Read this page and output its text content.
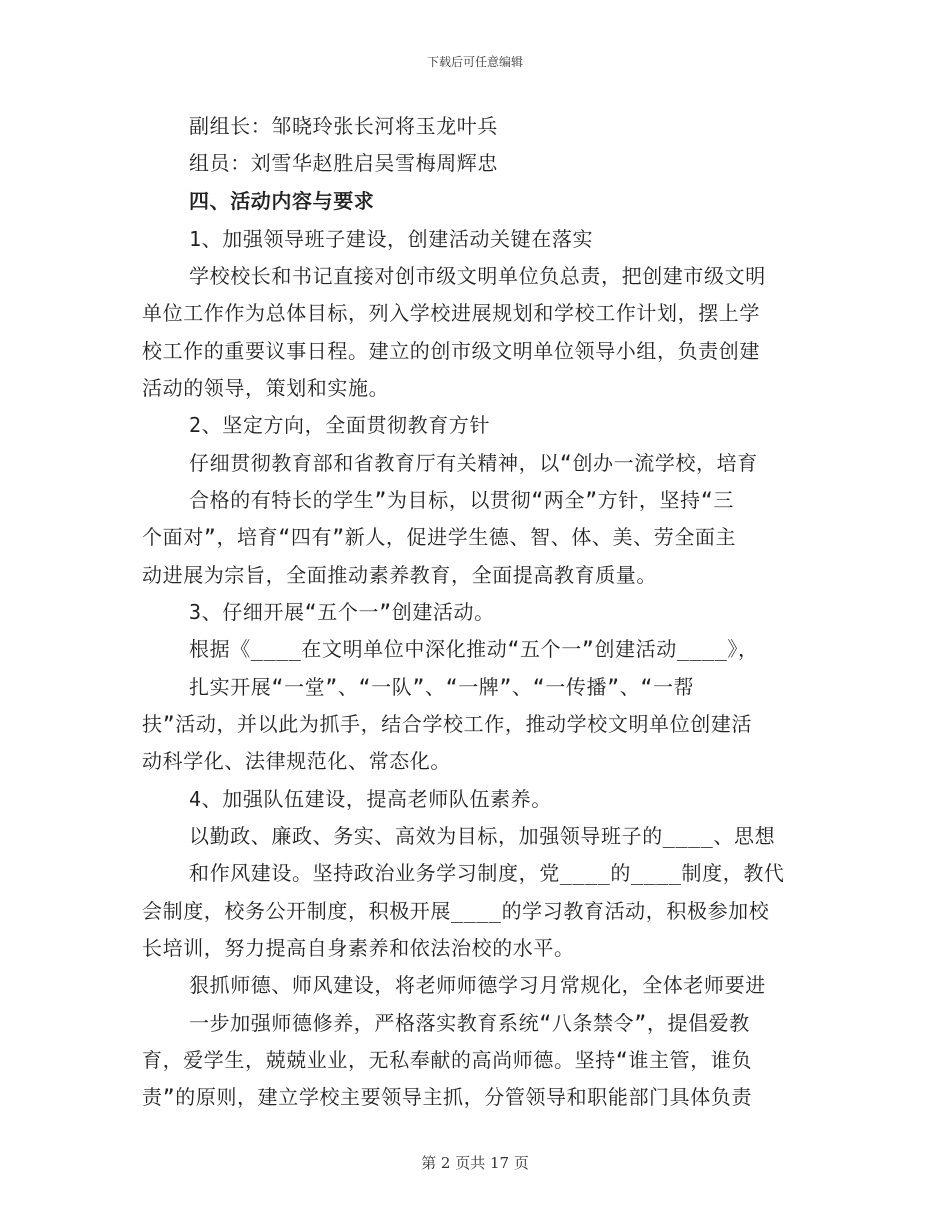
下载后可任意编辑
副组长：邹晓玲张长河将玉龙叶兵
组员：刘雪华赵胜启吴雪梅周辉忠
四、活动内容与要求
1、加强领导班子建设，创建活动关键在落实
学校校长和书记直接对创市级文明单位负总责，把创建市级文明
单位工作作为总体目标，列入学校进展规划和学校工作计划，摆上学
校工作的重要议事日程。建立的创市级文明单位领导小组，负责创建
活动的领导，策划和实施。
2、坚定方向，全面贯彻教育方针
仔细贯彻教育部和省教育厅有关精神，以“创办一流学校，培育
合格的有特长的学生”为目标，以贯彻“两全”方针，坚持“三
个面对”，培育“四有”新人，促进学生德、智、体、美、劳全面主
动进展为宗旨，全面推动素养教育，全面提高教育质量。
3、仔细开展“五个一”创建活动。
根据《____在文明单位中深化推动“五个一”创建活动____》，
扎实开展“一堂”、“一队”、“一牌”、“一传播”、“一帮
扶”活动，并以此为抓手，结合学校工作，推动学校文明单位创建活
动科学化、法律规范化、常态化。
4、加强队伍建设，提高老师队伍素养。
以勤政、廉政、务实、高效为目标，加强领导班子的____、思想
和作风建设。坚持政治业务学习制度，党____的____制度，教代
会制度，校务公开制度，积极开展____的学习教育活动，积极参加校
长培训，努力提高自身素养和依法治校的水平。
狠抓师德、师风建设，将老师师德学习月常规化，全体老师要进
一步加强师德修养，严格落实教育系统“八条禁令”，提倡爱教
育，爱学生，兢兢业业，无私奉献的高尚师德。坚持“谁主管，谁负
责”的原则，建立学校主要领导主抓，分管领导和职能部门具体负责
第 2 页共 17 页
